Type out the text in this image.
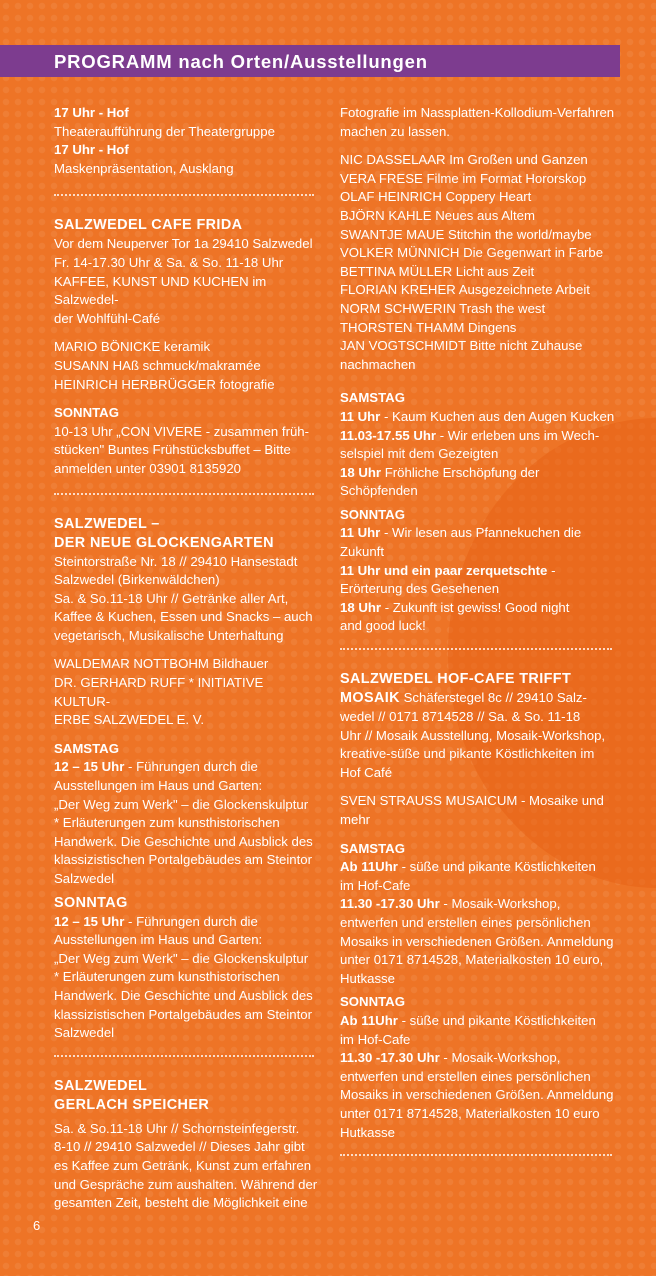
PROGRAMM nach Orten/Ausstellungen

17 Uhr - Hof

Theateraufführung der Theatergruppe

17 Uhr - Hof

Maskenpräsentation, Ausklang

SALZWEDEL CAFE FRIDA

Vor dem Neuperver Tor 1a 29410 Salzwedel

Fr. 14-17.30 Uhr & Sa. & So. 11-18 Uhr

KAFFEE, KUNST UND KUCHEN im Salzwedel-

der Wohlfühl-Café

MARIO BÖNICKE keramik

SUSANN HAß schmuck/makramée

HEINRICH HERBRÜGGER fotografie

SONNTAG

10-13 Uhr „CON VIVERE - zusammen früh-

stücken" Buntes Frühstücksbuffet – Bitte

anmelden unter 03901 8135920

SALZWEDEL –

DER NEUE GLOCKENGARTEN

Steintorstraße Nr. 18 // 29410 Hansestadt

Salzwedel (Birkenwäldchen)

Sa. & So.11-18 Uhr // Getränke aller Art,

Kaffee & Kuchen, Essen und Snacks – auch

vegetarisch, Musikalische Unterhaltung

WALDEMAR NOTTBOHM Bildhauer

DR. GERHARD RUFF * INITIATIVE KULTUR-

ERBE SALZWEDEL E. V.

SAMSTAG

12 – 15 Uhr - Führungen durch die

Ausstellungen im Haus und Garten:

„Der Weg zum Werk" – die Glockenskulptur

* Erläuterungen zum kunsthistorischen

Handwerk. Die Geschichte und Ausblick des

klassizistischen Portalgebäudes am Steintor

Salzwedel

SONNTAG

12 – 15 Uhr - Führungen durch die

Ausstellungen im Haus und Garten:

„Der Weg zum Werk" – die Glockenskulptur

* Erläuterungen zum kunsthistorischen

Handwerk. Die Geschichte und Ausblick des

klassizistischen Portalgebäudes am Steintor

Salzwedel

SALZWEDEL

GERLACH SPEICHER

Sa. & So.11-18 Uhr // Schornsteinfegerstr.

8-10 // 29410 Salzwedel // Dieses Jahr gibt

es Kaffee zum Getränk, Kunst zum erfahren

und Gespräche zum aushalten. Während der

gesamten Zeit, besteht die Möglichkeit eine

Fotografie im Nassplatten-Kollodium-Verfahren

machen zu lassen.

NIC DASSELAAR Im Großen und Ganzen

VERA FRESE Filme im Format Hororskop

OLAF HEINRICH Coppery Heart

BJÖRN KAHLE Neues aus Altem

SWANTJE MAUE Stitchin the world/maybe

VOLKER MÜNNICH Die Gegenwart in Farbe

BETTINA MÜLLER Licht aus Zeit

FLORIAN KREHER Ausgezeichnete Arbeit

NORM SCHWERIN Trash the west

THORSTEN THAMM Dingens

JAN VOGTSCHMIDT Bitte nicht Zuhause

nachmachen

SAMSTAG

11 Uhr - Kaum Kuchen aus den Augen Kucken

11.03-17.55 Uhr - Wir erleben uns im Wech-

selspiel mit dem Gezeigten

18 Uhr Fröhliche Erschöpfung der

Schöpfenden

SONNTAG

11 Uhr - Wir lesen aus Pfannekuchen die

Zukunft

11 Uhr und ein paar zerquetschte -

Erörterung des Gesehenen

18 Uhr - Zukunft ist gewiss! Good night

and good luck!

SALZWEDEL HOF-CAFE TRIFFT

MOSAIK Schäferstegel 8c // 29410 Salz-

wedel // 0171 8714528 // Sa. & So. 11-18

Uhr // Mosaik Ausstellung, Mosaik-Workshop,

kreative-süße und pikante Köstlichkeiten im

Hof Café

SVEN STRAUSS MUSAICUM - Mosaike und

mehr

SAMSTAG

Ab 11Uhr - süße und pikante Köstlichkeiten

im Hof-Cafe

11.30 -17.30 Uhr - Mosaik-Workshop,

entwerfen und erstellen eines persönlichen

Mosaiks in verschiedenen Größen. Anmeldung

unter 0171 8714528, Materialkosten 10 euro,

Hutkasse

SONNTAG

Ab 11Uhr - süße und pikante Köstlichkeiten

im Hof-Cafe

11.30 -17.30 Uhr - Mosaik-Workshop,

entwerfen und erstellen eines persönlichen

Mosaiks in verschiedenen Größen. Anmeldung

unter 0171 8714528, Materialkosten 10 euro

Hutkasse

6
